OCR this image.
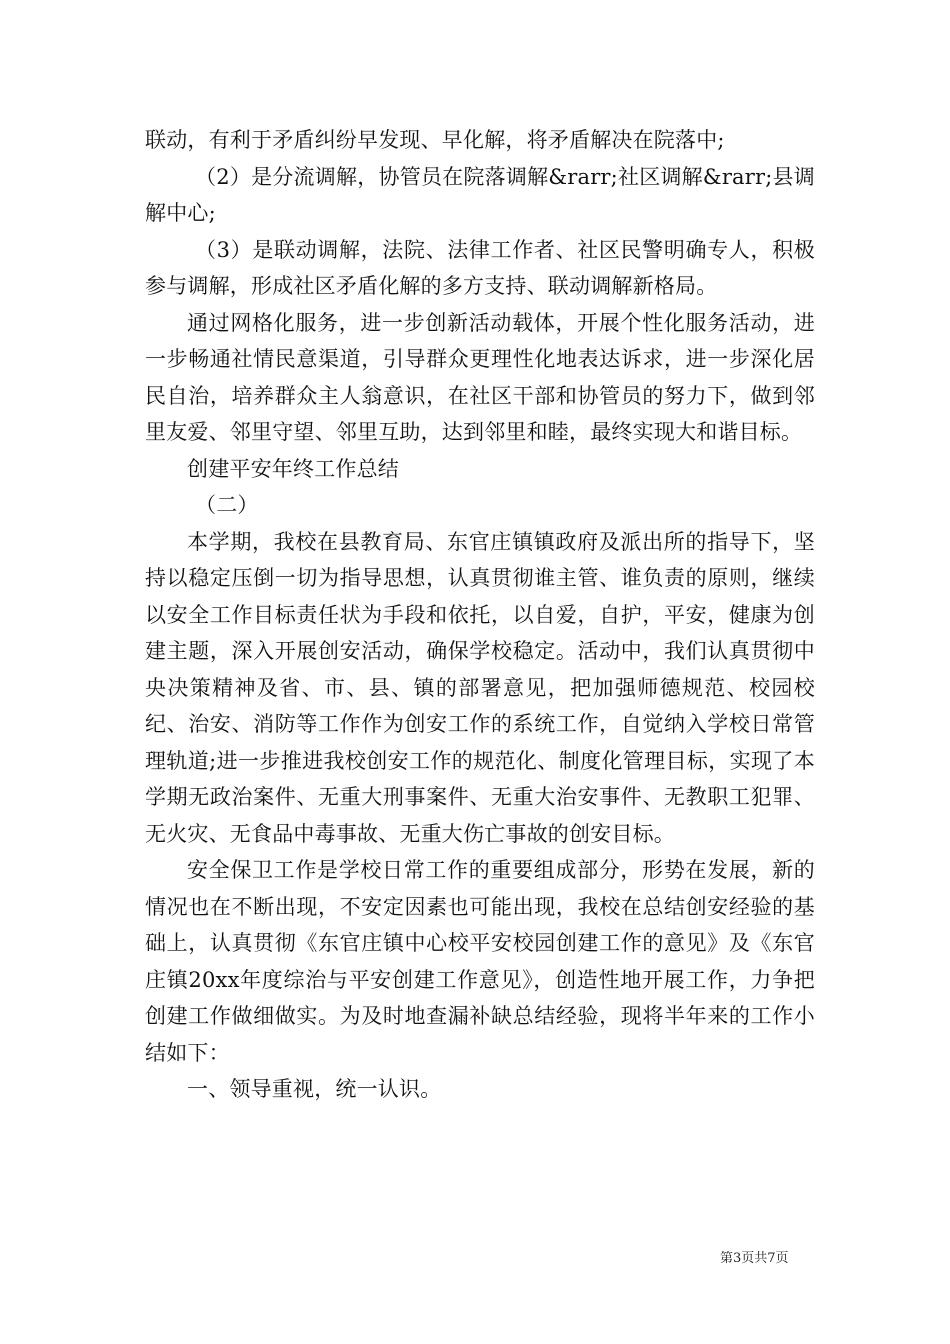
联动，有利于矛盾纠纷早发现、早化解，将矛盾解决在院落中;

（2）是分流调解，协管员在院落调解&rarr;社区调解&rarr;县调解中心;

（3）是联动调解，法院、法律工作者、社区民警明确专人，积极参与调解，形成社区矛盾化解的多方支持、联动调解新格局。

通过网格化服务，进一步创新活动载体，开展个性化服务活动，进一步畅通社情民意渠道，引导群众更理性化地表达诉求，进一步深化居民自治，培养群众主人翁意识，在社区干部和协管员的努力下，做到邻里友爱、邻里守望、邻里互助，达到邻里和睦，最终实现大和谐目标。

创建平安年终工作总结

（二）

本学期，我校在县教育局、东官庄镇镇政府及派出所的指导下，坚持以稳定压倒一切为指导思想，认真贯彻谁主管、谁负责的原则，继续以安全工作目标责任状为手段和依托，以自爱，自护，平安，健康为创建主题，深入开展创安活动，确保学校稳定。活动中，我们认真贯彻中央决策精神及省、市、县、镇的部署意见，把加强师德规范、校园校纪、治安、消防等工作作为创安工作的系统工作，自觉纳入学校日常管理轨道;进一步推进我校创安工作的规范化、制度化管理目标，实现了本学期无政治案件、无重大刑事案件、无重大治安事件、无教职工犯罪、无火灾、无食品中毒事故、无重大伤亡事故的创安目标。

安全保卫工作是学校日常工作的重要组成部分，形势在发展，新的情况也在不断出现，不安定因素也可能出现，我校在总结创安经验的基础上，认真贯彻《东官庄镇中心校平安校园创建工作的意见》及《东官庄镇20xx年度综治与平安创建工作意见》，创造性地开展工作，力争把创建工作做细做实。为及时地查漏补缺总结经验，现将半年来的工作小结如下：

一、领导重视，统一认识。

第3页共7页
